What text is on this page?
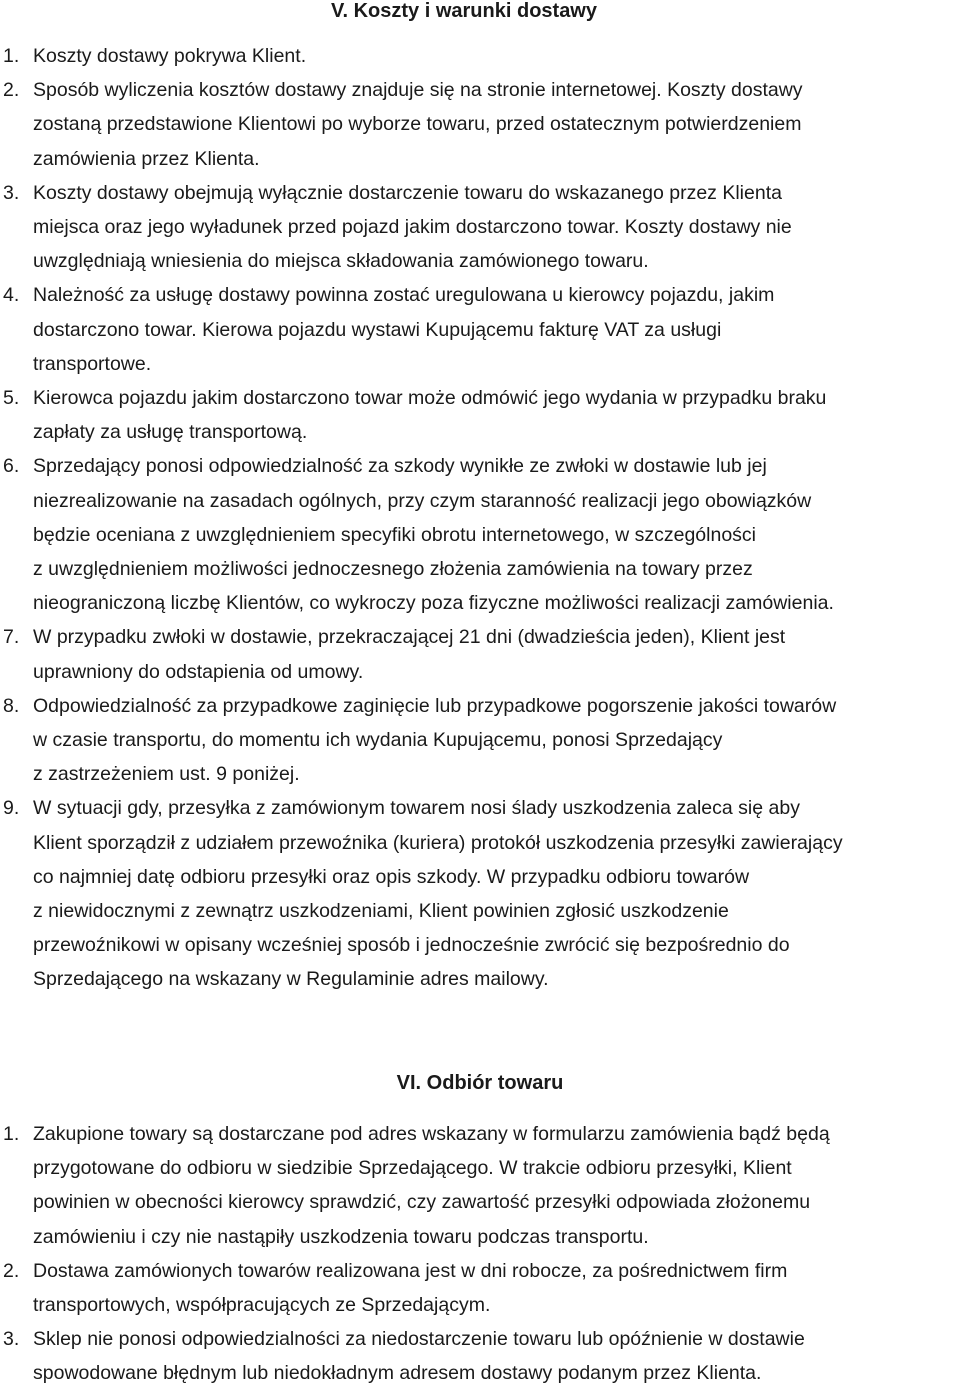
V. Koszty i warunki dostawy
1. Koszty dostawy pokrywa Klient.
2. Sposób wyliczenia kosztów dostawy znajduje się na stronie internetowej. Koszty dostawy
zostaną przedstawione Klientowi po wyborze towaru, przed ostatecznym potwierdzeniem
zamówienia przez Klienta.
3. Koszty dostawy obejmują wyłącznie dostarczenie towaru do wskazanego przez Klienta
miejsca oraz jego wyładunek przed pojazd jakim dostarczono towar. Koszty dostawy nie
uwzględniają wniesienia do miejsca składowania zamówionego towaru.
4. Należność za usługę dostawy powinna zostać uregulowana u kierowcy pojazdu, jakim
dostarczono towar. Kierowa pojazdu wystawi Kupującemu fakturę VAT za usługi
transportowe.
5. Kierowca pojazdu jakim dostarczono towar może odmówić jego wydania w przypadku braku
zapłaty za usługę transportową.
6. Sprzedający ponosi odpowiedzialność za szkody wynikłe ze zwłoki w dostawie lub jej
niezrealizowanie na zasadach ogólnych, przy czym staranność realizacji jego obowiązków
będzie oceniana z uwzględnieniem specyfiki obrotu internetowego, w szczególności
z uwzględnieniem możliwości jednoczesnego złożenia zamówienia na towary przez
nieograniczoną liczbę Klientów, co wykroczy poza fizyczne możliwości realizacji zamówienia.
7. W przypadku zwłoki w dostawie, przekraczającej 21 dni (dwadzieścia jeden), Klient jest
uprawniony do odstapienia od umowy.
8. Odpowiedzialność za przypadkowe zaginięcie lub przypadkowe pogorszenie jakości towarów
w czasie transportu, do momentu ich wydania Kupującemu, ponosi Sprzedający
z zastrzeżeniem ust. 9 poniżej.
9. W sytuacji gdy, przesyłka z zamówionym towarem nosi ślady uszkodzenia zaleca się aby
Klient sporządził z udziałem przewoźnika (kuriera) protokół uszkodzenia przesyłki zawierający
co najmniej datę odbioru przesyłki oraz opis szkody. W przypadku odbioru towarów
z niewidocznymi z zewnątrz uszkodzeniami, Klient powinien zgłosić uszkodzenie
przewoźnikowi w opisany wcześniej sposób i jednocześnie zwrócić się bezpośrednio do
Sprzedającego na wskazany w Regulaminie adres mailowy.
VI. Odbiór towaru
1. Zakupione towary są dostarczane pod adres wskazany w formularzu zamówienia bądź będą
przygotowane do odbioru w siedzibie Sprzedającego. W trakcie odbioru przesyłki, Klient
powinien w obecności kierowcy sprawdzić, czy zawartość przesyłki odpowiada złożonemu
zamówieniu i czy nie nastąpiły uszkodzenia towaru podczas transportu.
2. Dostawa zamówionych towarów realizowana jest w dni robocze, za pośrednictwem firm
transportowych, współpracujących ze Sprzedającym.
3. Sklep nie ponosi odpowiedzialności za niedostarczenie towaru lub opóźnienie w dostawie
spowodowane błędnym lub niedokładnym adresem dostawy podanym przez Klienta.
